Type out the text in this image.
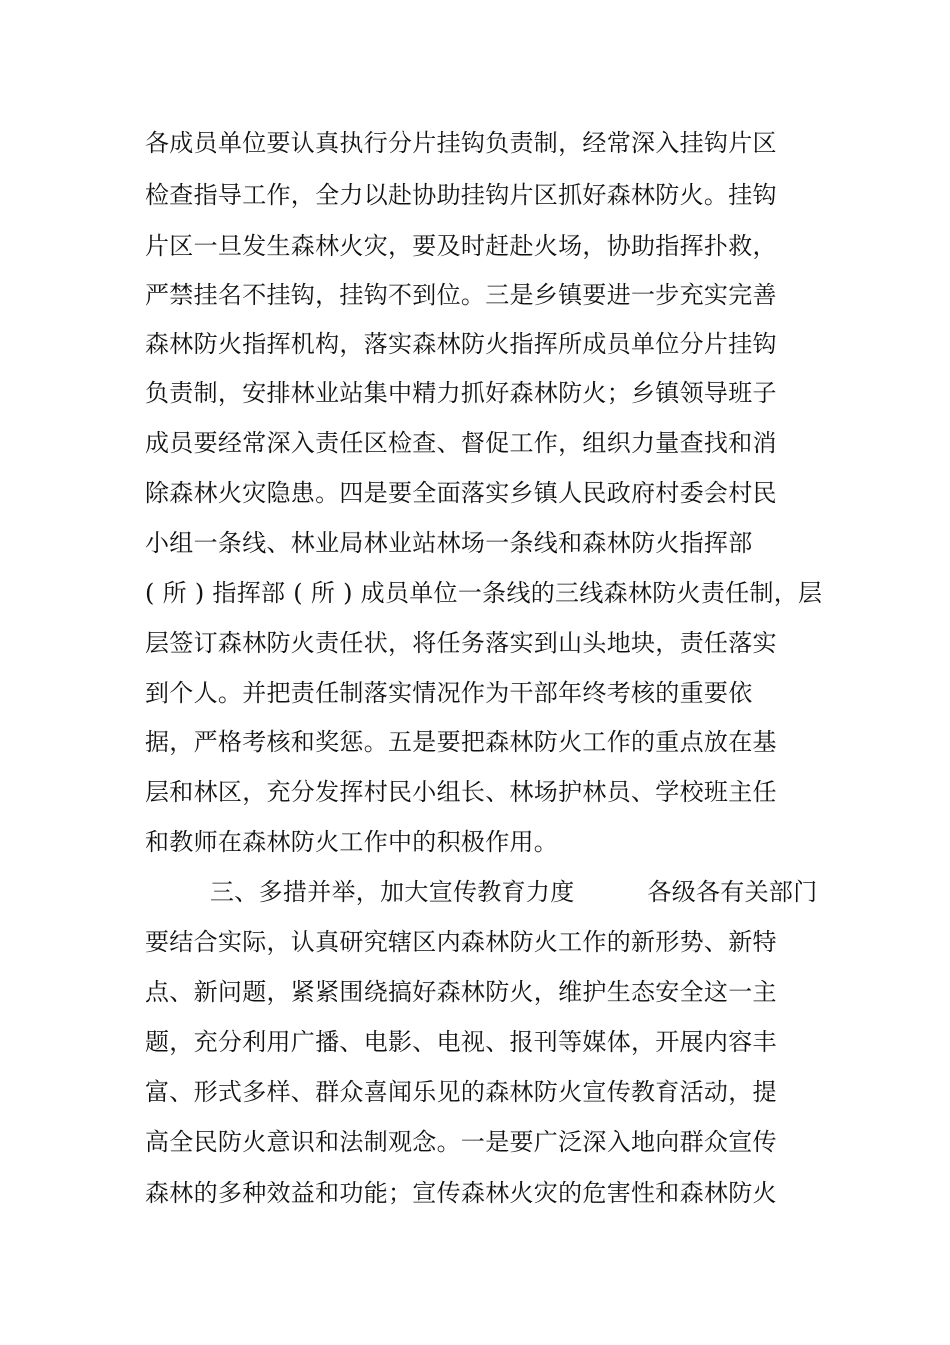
各成员单位要认真执行分片挂钩负责制，经常深入挂钩片区
检查指导工作，全力以赴协助挂钩片区抓好森林防火。挂钩
片区一旦发生森林火灾，要及时赶赴火场，协助指挥扑救，
严禁挂名不挂钩，挂钩不到位。三是乡镇要进一步充实完善
森林防火指挥机构，落实森林防火指挥所成员单位分片挂钩
负责制，安排林业站集中精力抓好森林防火；乡镇领导班子
成员要经常深入责任区检查、督促工作，组织力量查找和消
除森林火灾隐患。四是要全面落实乡镇人民政府村委会村民
小组一条线、林业局林业站林场一条线和森林防火指挥部
( 所 ) 指挥部 ( 所 ) 成员单位一条线的三线森林防火责任制，层
层签订森林防火责任状，将任务落实到山头地块，责任落实
到个人。并把责任制落实情况作为干部年终考核的重要依
据，严格考核和奖惩。五是要把森林防火工作的重点放在基
层和林区，充分发挥村民小组长、林场护林员、学校班主任
和教师在森林防火工作中的积极作用。
三、多措并举，加大宣传教育力度　　　各级各有关部门
要结合实际，认真研究辖区内森林防火工作的新形势、新特
点、新问题，紧紧围绕搞好森林防火，维护生态安全这一主
题，充分利用广播、电影、电视、报刊等媒体，开展内容丰
富、形式多样、群众喜闻乐见的森林防火宣传教育活动，提
高全民防火意识和法制观念。一是要广泛深入地向群众宣传
森林的多种效益和功能；宣传森林火灾的危害性和森林防火
